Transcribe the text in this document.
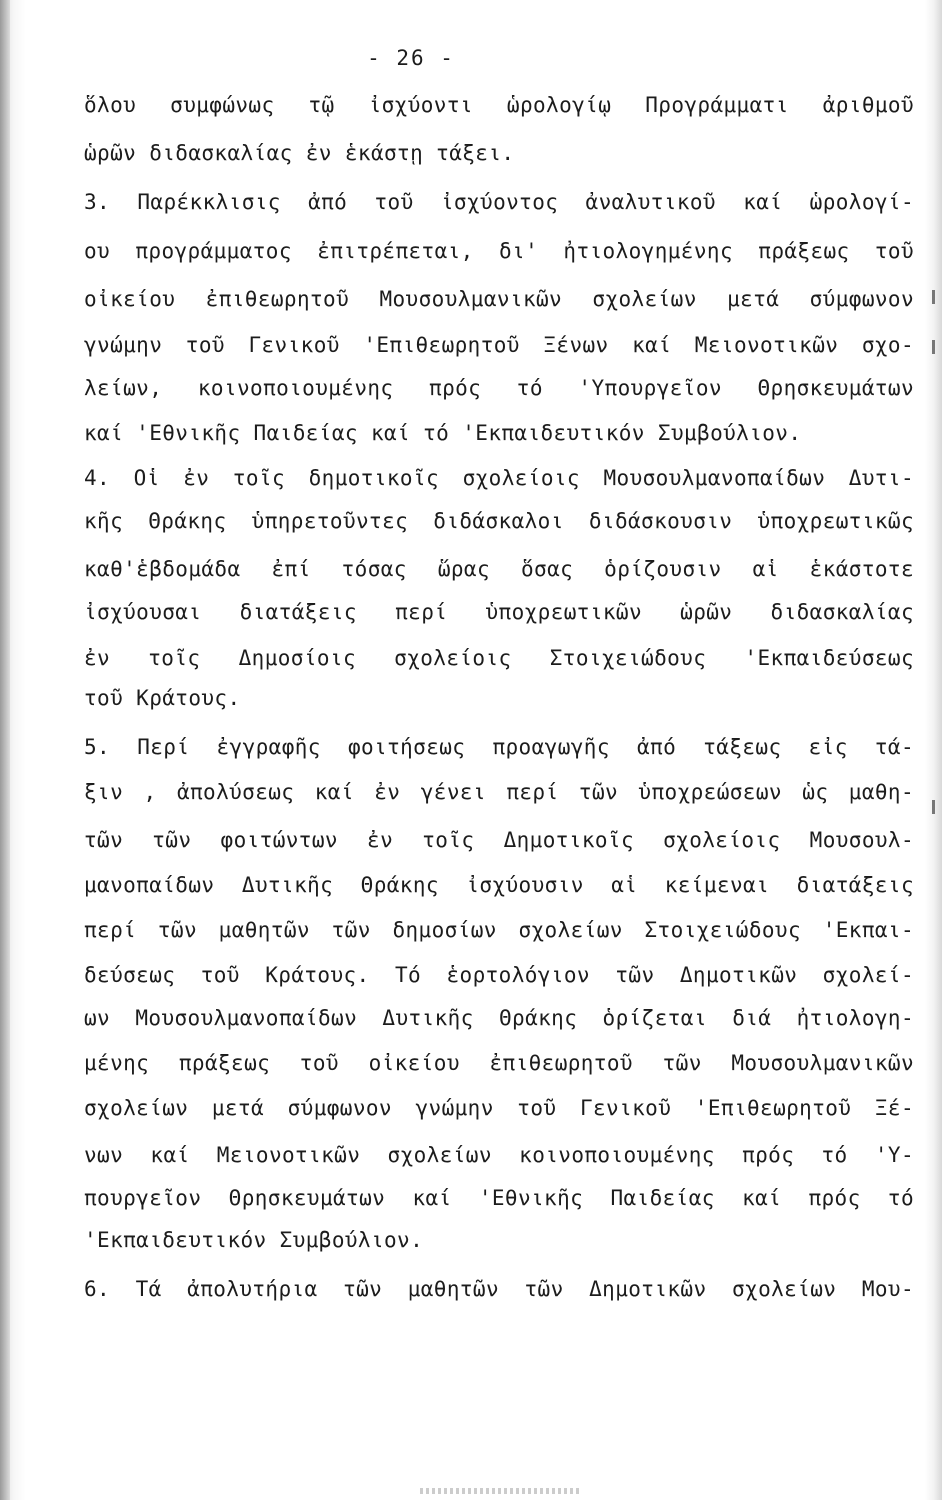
- 26 -
ὅλου συμφώνως τῷ ἰσχύοντι ὡρολογίῳ Προγράμματι ἀριθμοῦ
ὡρῶν διδασκαλίας ἐν ἑκάστῃ τάξει.
3. Παρέκκλισις ἀπό τοῦ ἰσχύοντος ἀναλυτικοῦ καί ὡρολογί-
ου προγράμματος ἐπιτρέπεται, δι' ἠτιολογημένης πράξεως τοῦ
οἰκείου ἐπιθεωρητοῦ Μουσουλμανικῶν σχολείων μετά σύμφωνον
γνώμην τοῦ Γενικοῦ 'Επιθεωρητοῦ Ξένων καί Μειονοτικῶν σχο-
λείων, κοινοποιουμένης πρός τό 'Υπουργεῖον Θρησκευμάτων
καί 'Εθνικῆς Παιδείας καί τό 'Εκπαιδευτικόν Συμβούλιον.
4. Οἱ ἐν τοῖς δημοτικοῖς σχολείοις Μουσουλμανοπαίδων Δυτι-
κῆς Θράκης ὑπηρετοῦντες διδάσκαλοι διδάσκουσιν ὑποχρεωτικῶς
καθ'ἑβδομάδα ἐπί τόσας ὥρας ὅσας ὁρίζουσιν αἱ ἑκάστοτε
ἰσχύουσαι διατάξεις περί ὑποχρεωτικῶν ὡρῶν διδασκαλίας
ἐν τοῖς Δημοσίοις σχολείοις Στοιχειώδους 'Εκπαιδεύσεως
τοῦ Κράτους.
5. Περί ἐγγραφῆς φοιτήσεως προαγωγῆς ἀπό τάξεως εἰς τά-
ξιν , ἀπολύσεως καί ἐν γένει περί τῶν ὑποχρεώσεων ὡς μαθη-
τῶν τῶν φοιτώντων ἐν τοῖς Δημοτικοῖς σχολείοις Μουσουλ-
μανοπαίδων Δυτικῆς Θράκης ἰσχύουσιν αἱ κείμεναι διατάξεις
περί τῶν μαθητῶν τῶν δημοσίων σχολείων Στοιχειώδους 'Εκπαι-
δεύσεως τοῦ Κράτους. Τό ἑορτολόγιον τῶν Δημοτικῶν σχολεί-
ων Μουσουλμανοπαίδων Δυτικῆς Θράκης ὁρίζεται διά ἠτιολογη-
μένης πράξεως τοῦ οἰκείου ἐπιθεωρητοῦ τῶν Μουσουλμανικῶν
σχολείων μετά σύμφωνον γνώμην τοῦ Γενικοῦ 'Επιθεωρητοῦ Ξέ-
νων καί Μειονοτικῶν σχολείων κοινοποιουμένης πρός τό 'Υ-
πουργεῖον Θρησκευμάτων καί 'Εθνικῆς Παιδείας καί πρός τό
'Εκπαιδευτικόν Συμβούλιον.
6. Τά ἀπολυτήρια τῶν μαθητῶν τῶν Δημοτικῶν σχολείων Μου-
